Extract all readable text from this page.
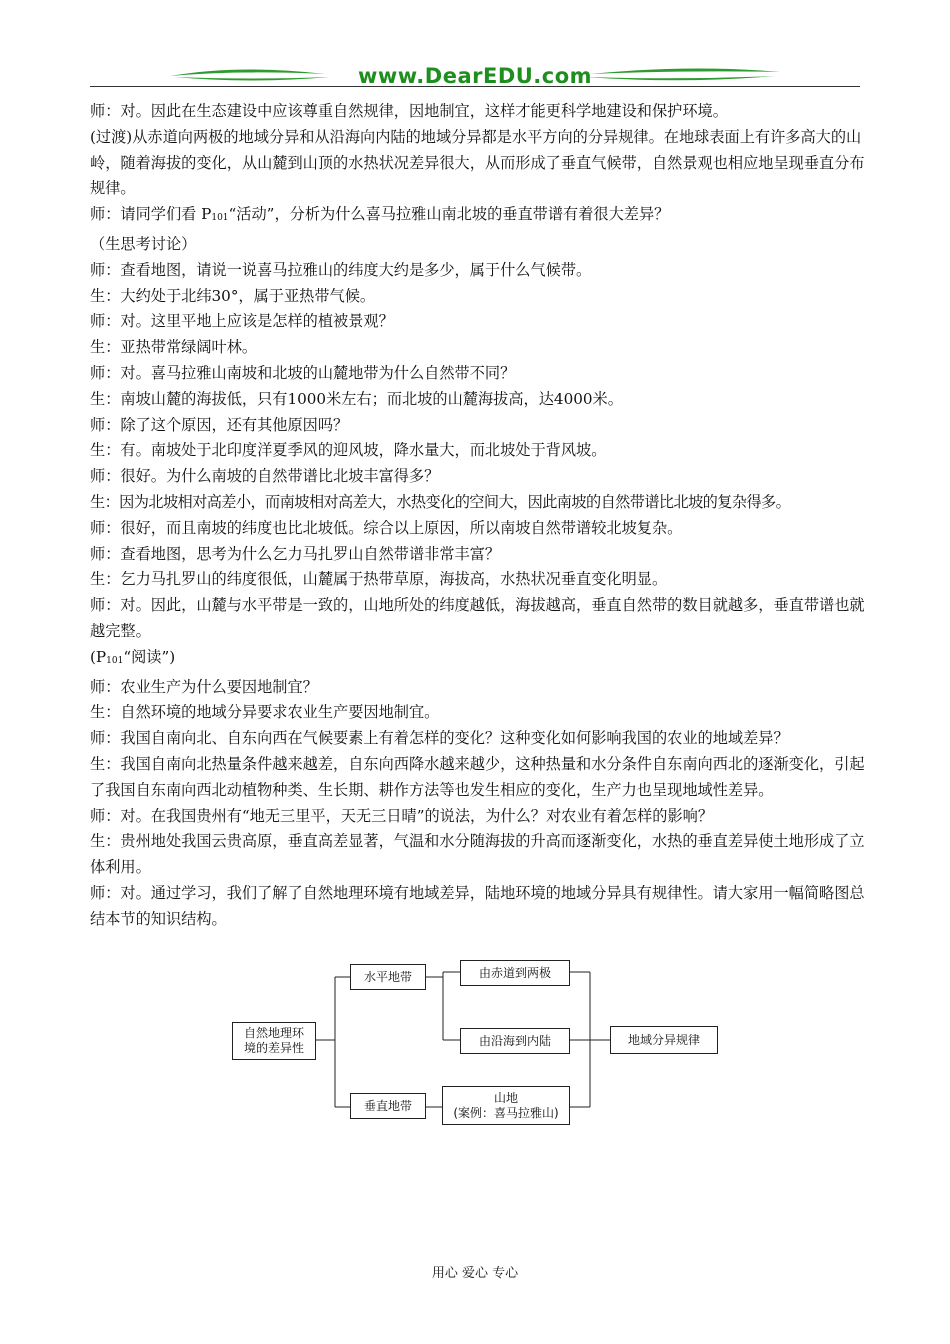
www.DearEDU.com

师：对。因此在生态建设中应该尊重自然规律，因地制宜，这样才能更科学地建设和保护环境。

(过渡)从赤道向两极的地域分异和从沿海向内陆的地域分异都是水平方向的分异规律。在地球表面上有许多高大的山岭，随着海拔的变化，从山麓到山顶的水热状况差异很大，从而形成了垂直气候带，自然景观也相应地呈现垂直分布规律。

师：请同学们看 $P_{101}“$活动”，分析为什么喜马拉雅山南北坡的垂直带谱有着很大差异？

（生思考讨论）

师：查看地图，请说一说喜马拉雅山的纬度大约是多少，属于什么气候带。

生：大约处于北纬30°，属于亚热带气候。

师：对。这里平地上应该是怎样的植被景观？

生：亚热带常绿阔叶林。

师：对。喜马拉雅山南坡和北坡的山麓地带为什么自然带不同？

生：南坡山麓的海拔低，只有1000米左右；而北坡的山麓海拔高，达4000米。

师：除了这个原因，还有其他原因吗？

生：有。南坡处于北印度洋夏季风的迎风坡，降水量大，而北坡处于背风坡。

师：很好。为什么南坡的自然带谱比北坡丰富得多？

生：因为北坡相对高差小，而南坡相对高差大，水热变化的空间大，因此南坡的自然带谱比北坡的复杂得多。

师：很好，而且南坡的纬度也比北坡低。综合以上原因，所以南坡自然带谱较北坡复杂。

师：查看地图，思考为什么乞力马扎罗山自然带谱非常丰富？

生：乞力马扎罗山的纬度很低，山麓属于热带草原，海拔高，水热状况垂直变化明显。

师：对。因此，山麓与水平带是一致的，山地所处的纬度越低，海拔越高，垂直自然带的数目就越多，垂直带谱也就越完整。

($P_{101}“$阅读”)

师：农业生产为什么要因地制宜？

生：自然环境的地域分异要求农业生产要因地制宜。

师：我国自南向北、自东向西在气候要素上有着怎样的变化？这种变化如何影响我国的农业的地域差异？

生：我国自南向北热量条件越来越差，自东向西降水越来越少，这种热量和水分条件自东南向西北的逐渐变化，引起了我国自东南向西北动植物种类、生长期、耕作方法等也发生相应的变化，生产力也呈现地域性差异。

师：对。在我国贵州有“地无三里平，天无三日晴”的说法，为什么？对农业有着怎样的影响？

生：贵州地处我国云贵高原，垂直高差显著，气温和水分随海拔的升高而逐渐变化，水热的垂直差异使土地形成了立体利用。

师：对。通过学习，我们了解了自然地理环境有地域差异，陆地环境的地域分异具有规律性。请大家用一幅简略图总结本节的知识结构。

自然地理环
境的差异性
水平地带
垂直地带
由赤道到两极
由沿海到内陆
山地
(案例：喜马拉雅山)
地域分异规律
用心 爱心 专心
